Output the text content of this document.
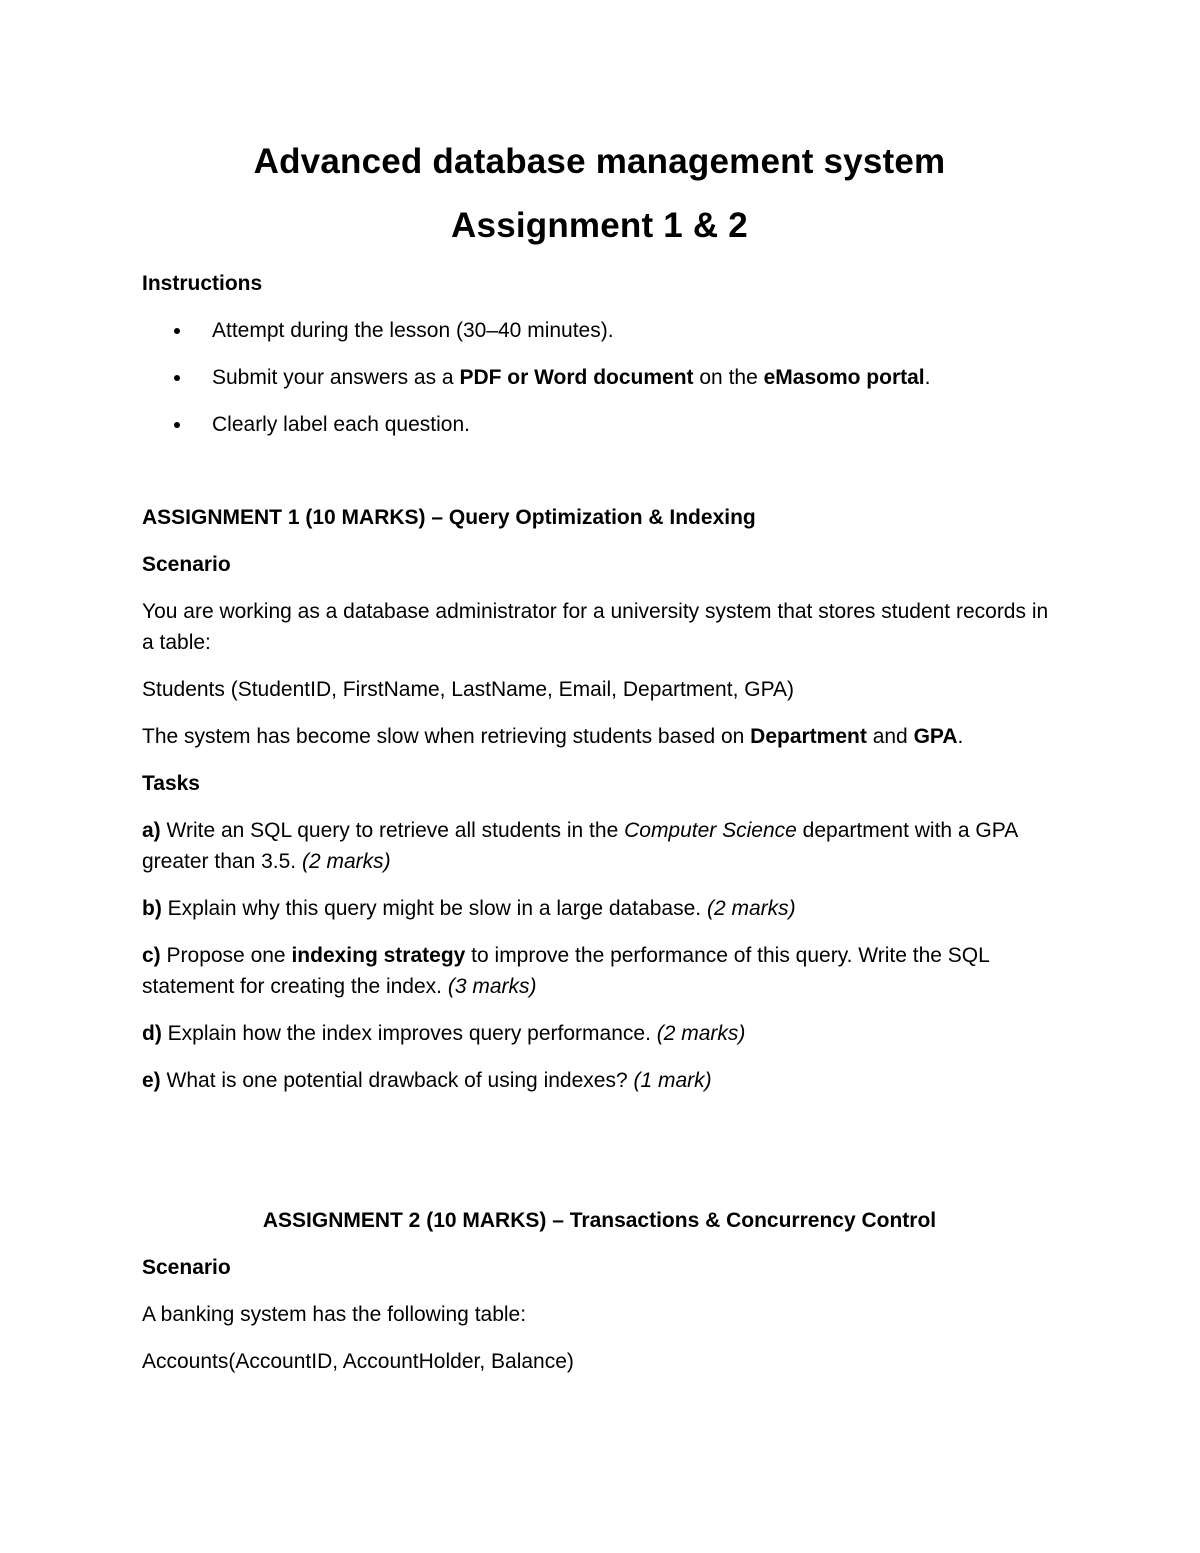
Advanced database management system
Assignment 1 & 2

Instructions

Attempt during the lesson (30–40 minutes).
Submit your answers as a PDF or Word document on the eMasomo portal.
Clearly label each question.

ASSIGNMENT 1 (10 MARKS) – Query Optimization & Indexing

Scenario

You are working as a database administrator for a university system that stores student records in a table:

Students (StudentID, FirstName, LastName, Email, Department, GPA)

The system has become slow when retrieving students based on Department and GPA.

Tasks

a) Write an SQL query to retrieve all students in the Computer Science department with a GPA greater than 3.5. (2 marks)

b) Explain why this query might be slow in a large database. (2 marks)

c) Propose one indexing strategy to improve the performance of this query. Write the SQL statement for creating the index. (3 marks)

d) Explain how the index improves query performance. (2 marks)

e) What is one potential drawback of using indexes? (1 mark)

ASSIGNMENT 2 (10 MARKS) – Transactions & Concurrency Control

Scenario

A banking system has the following table:

Accounts(AccountID, AccountHolder, Balance)
